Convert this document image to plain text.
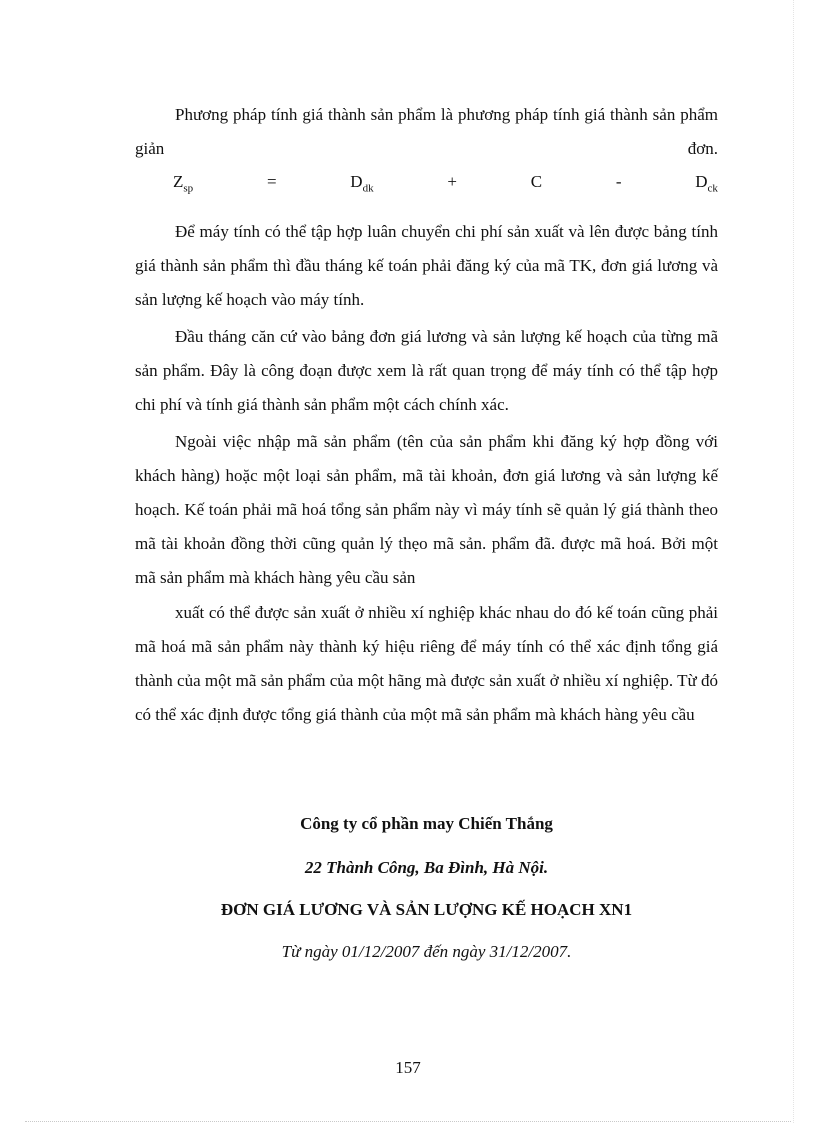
Phương pháp tính giá thành sản phẩm là phương pháp tính giá thành sản phẩm giản đơn.

$Z_{sp}$	=	$D_{dk}$	+	C	-	$D_{ck}$

Để máy tính có thể tập hợp luân chuyển chi phí sản xuất và lên được bảng tính giá thành sản phẩm thì đầu tháng kế toán phải đăng ký của mã TK, đơn giá lương và sản lượng kế hoạch vào máy tính.

Đầu tháng căn cứ vào bảng đơn giá lương và sản lượng kế hoạch của từng mã sản phẩm. Đây là công đoạn được xem là rất quan trọng để máy tính có thể tập hợp chi phí và tính giá thành sản phẩm một cách chính xác.

Ngoài việc nhập mã sản phẩm (tên của sản phẩm khi đăng ký hợp đồng với khách hàng) hoặc một loại sản phẩm, mã tài khoản, đơn giá lương và sản lượng kế hoạch. Kế toán phải mã hoá tổng sản phẩm này vì máy tính sẽ quản lý giá thành theo mã tài khoản đồng thời cũng quản lý thẹo mã sản. phẩm đã. được mã hoá. Bởi một mã sản phẩm mà khách hàng yêu cầu sản

xuất có thể được sản xuất ở nhiều xí nghiệp khác nhau do đó kế toán cũng phải mã hoá mã sản phẩm này thành ký hiệu riêng để máy tính có thể xác định tổng giá thành của một mã sản phẩm của một hãng mà được sản xuất ở nhiều xí nghiệp. Từ đó có thể xác định được tổng giá thành của một mã sản phẩm mà khách hàng yêu cầu

Công ty cổ phần may Chiến Thắng

22 Thành Công, Ba Đình, Hà Nội.

ĐƠN GIÁ LƯƠNG VÀ SẢN LƯỢNG KẾ HOẠCH XN1

Từ ngày 01/12/2007 đến ngày 31/12/2007.

157
